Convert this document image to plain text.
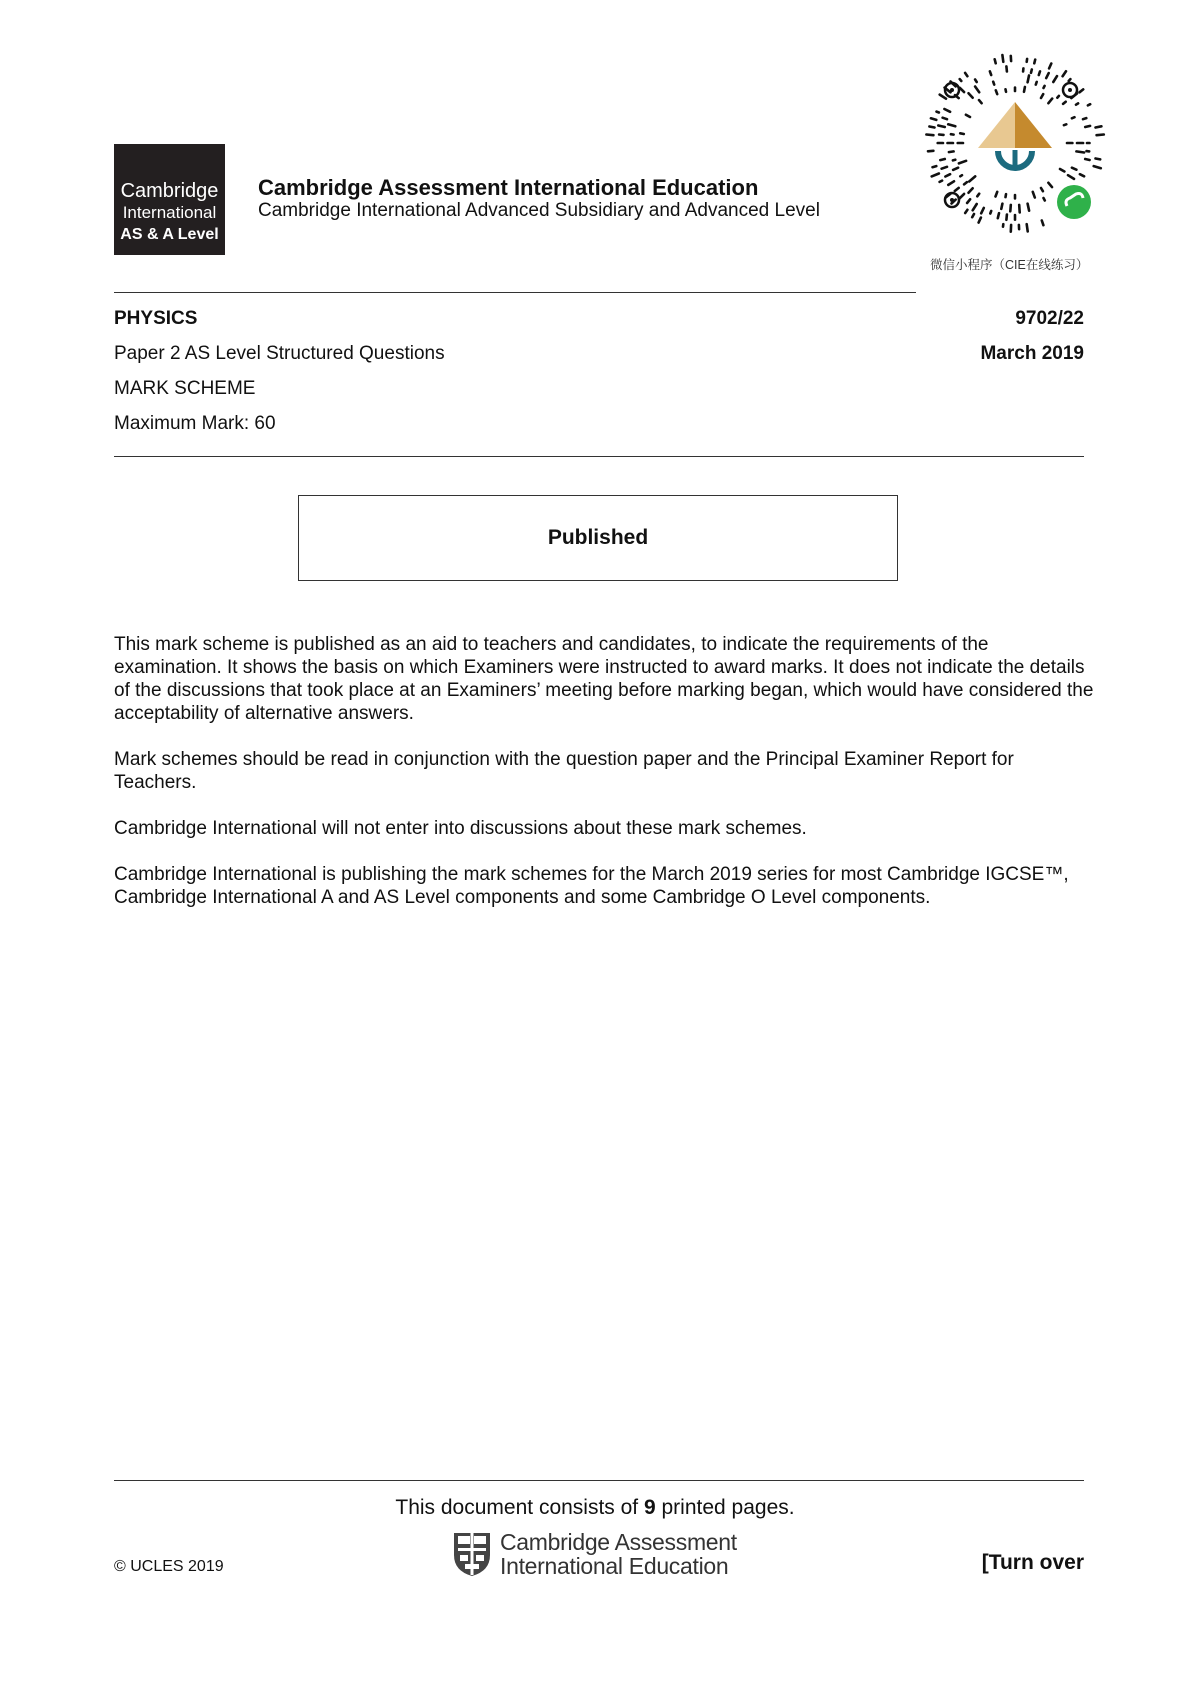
Cambridge
International
AS & A Level
Cambridge Assessment International Education
Cambridge International Advanced Subsidiary and Advanced Level
微信小程序（CIE在线练习）
PHYSICS
Paper 2 AS Level Structured Questions
MARK SCHEME
Maximum Mark: 60
9702/22
March 2019
Published

This mark scheme is published as an aid to teachers and candidates, to indicate the requirements of the examination. It shows the basis on which Examiners were instructed to award marks. It does not indicate the details of the discussions that took place at an Examiners’ meeting before marking began, which would have considered the acceptability of alternative answers.

Mark schemes should be read in conjunction with the question paper and the Principal Examiner Report for Teachers.

Cambridge International will not enter into discussions about these mark schemes.

Cambridge International is publishing the mark schemes for the March 2019 series for most Cambridge IGCSE™, Cambridge International A and AS Level components and some Cambridge O Level components.

This document consists of 9 printed pages.
Cambridge Assessment
International Education
© UCLES 2019	[Turn over
